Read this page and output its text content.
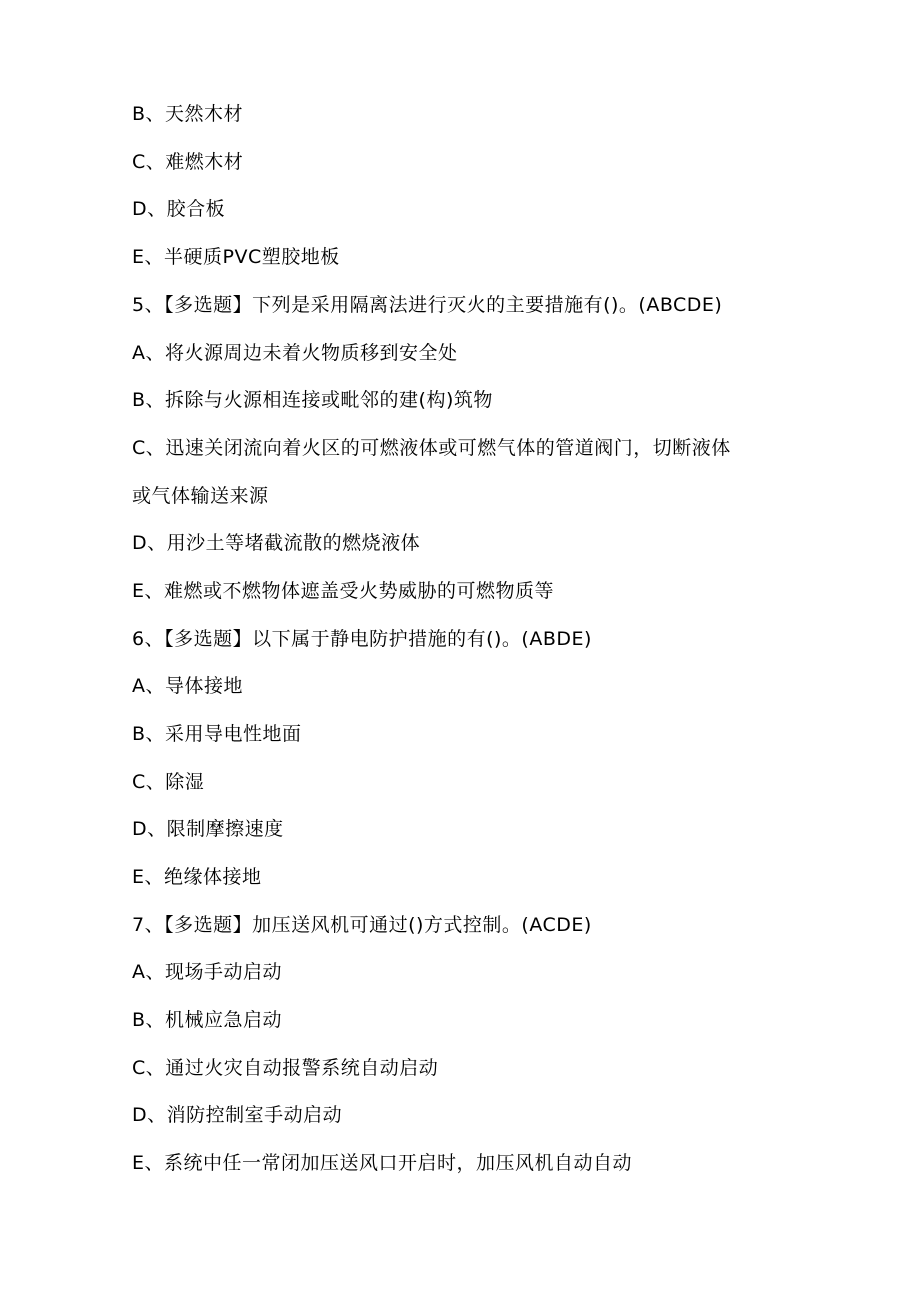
B、天然木材
C、难燃木材
D、胶合板
E、半硬质PVC塑胶地板
5、【多选题】下列是采用隔离法进行灭火的主要措施有()。(ABCDE)
A、将火源周边未着火物质移到安全处
B、拆除与火源相连接或毗邻的建(构)筑物
C、迅速关闭流向着火区的可燃液体或可燃气体的管道阀门，切断液体
或气体输送来源
D、用沙土等堵截流散的燃烧液体
E、难燃或不燃物体遮盖受火势威胁的可燃物质等
6、【多选题】以下属于静电防护措施的有()。(ABDE)
A、导体接地
B、采用导电性地面
C、除湿
D、限制摩擦速度
E、绝缘体接地
7、【多选题】加压送风机可通过()方式控制。(ACDE)
A、现场手动启动
B、机械应急启动
C、通过火灾自动报警系统自动启动
D、消防控制室手动启动
E、系统中任一常闭加压送风口开启时，加压风机自动自动
